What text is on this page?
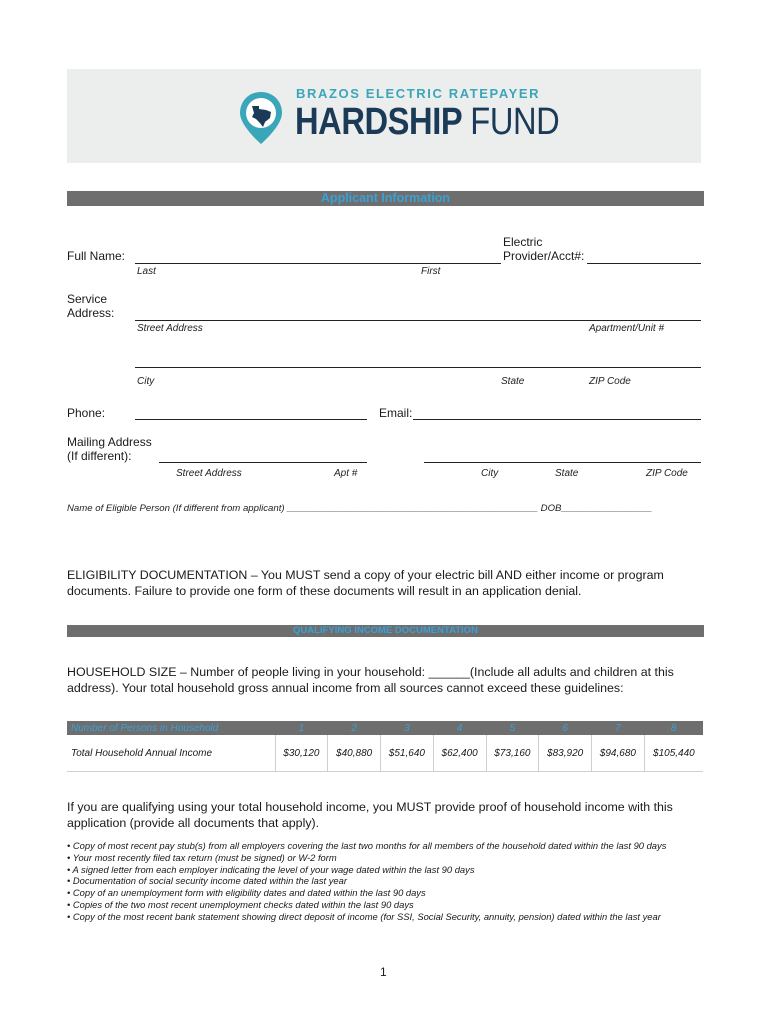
BRAZOS ELECTRIC RATEPAYER
HARDSHIP FUND
Applicant Information
Full Name:
Electric
Provider/Acct#:
Last	First
Service
Address:
Street Address	Apartment/Unit #
City	State	ZIP Code
Phone:	Email:
Mailing Address
(If different):
Street Address	Apt #	City	State	ZIP Code
Name of Eligible Person (If different from applicant) _______________________________________________ DOB_________________
ELIGIBILITY DOCUMENTATION – You MUST send a copy of your electric bill AND either income or program documents. Failure to provide one form of these documents will result in an application denial.
QUALIFYING INCOME DOCUMENTATION
HOUSEHOLD SIZE – Number of people living in your household: ______(Include all adults and children at this address). Your total household gross annual income from all sources cannot exceed these guidelines:
Number of Persons in Household	1	2	3	4	5	6	7	8
Total Household Annual Income	$30,120	$40,880	$51,640	$62,400	$73,160	$83,920	$94,680	$105,440
If you are qualifying using your total household income, you MUST provide proof of household income with this application (provide all documents that apply).
• Copy of most recent pay stub(s) from all employers covering the last two months for all members of the household dated within the last 90 days
• Your most recently filed tax return (must be signed) or W-2 form
• A signed letter from each employer indicating the level of your wage dated within the last 90 days
• Documentation of social security income dated within the last year
• Copy of an unemployment form with eligibility dates and dated within the last 90 days
• Copies of the two most recent unemployment checks dated within the last 90 days
• Copy of the most recent bank statement showing direct deposit of income (for SSI, Social Security, annuity, pension) dated within the last year
1
